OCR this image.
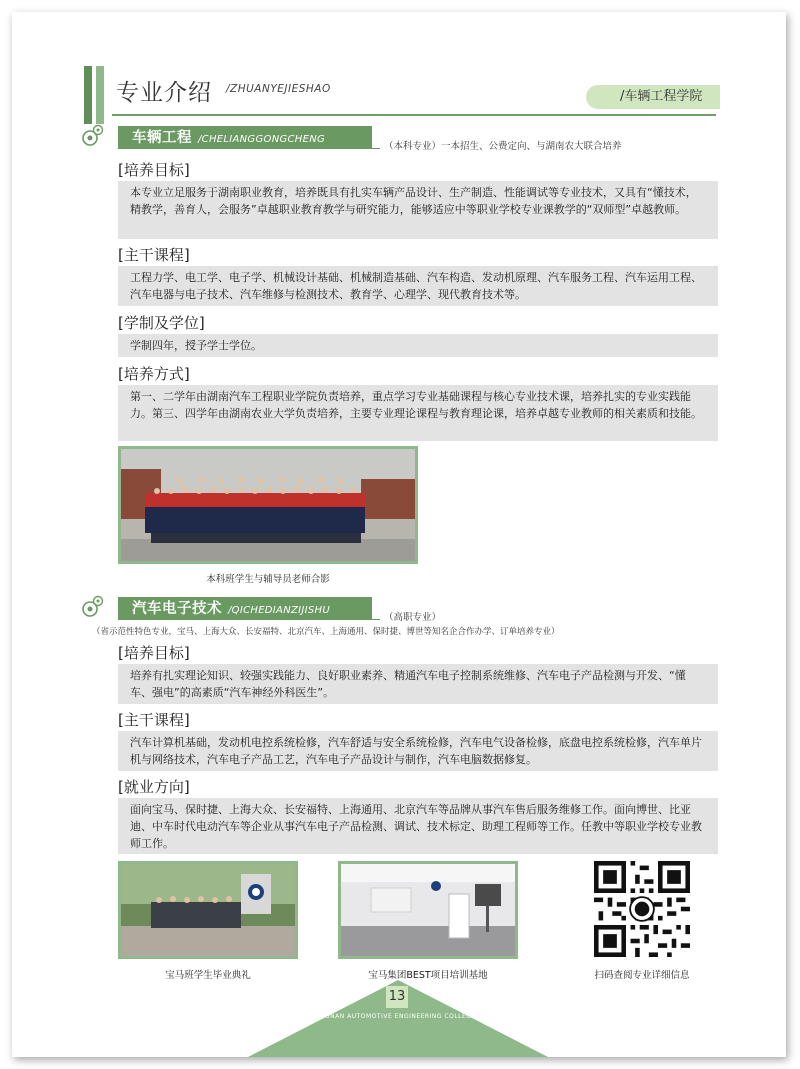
专业介绍 /ZHUANYEJIESHAO	/车辆工程学院
车辆工程 /CHELIANGGONGCHENG
（本科专业）一本招生、公费定向、与湖南农大联合培养
[培养目标]
本专业立足服务于湖南职业教育，培养既具有扎实车辆产品设计、生产制造、性能调试等专业技术，又具有“懂技术，精教学，善育人，会服务”卓越职业教育教学与研究能力，能够适应中等职业学校专业课教学的“双师型”卓越教师。
[主干课程]
工程力学、电工学、电子学、机械设计基础、机械制造基础、汽车构造、发动机原理、汽车服务工程、汽车运用工程、汽车电器与电子技术、汽车维修与检测技术、教育学、心理学、现代教育技术等。
[学制及学位]
学制四年，授予学士学位。
[培养方式]
第一、二学年由湖南汽车工程职业学院负责培养，重点学习专业基础课程与核心专业技术课，培养扎实的专业实践能力。第三、四学年由湖南农业大学负责培养，主要专业理论课程与教育理论课，培养卓越专业教师的相关素质和技能。
本科班学生与辅导员老师合影
汽车电子技术 /QICHEDIANZIJISHU
（高职专业）
（省示范性特色专业，宝马、上海大众、长安福特、北京汽车、上海通用、保时捷、博世等知名企合作办学、订单培养专业）
[培养目标]
培养有扎实理论知识、较强实践能力、良好职业素养、精通汽车电子控制系统维修、汽车电子产品检测与开发、“懂车、强电”的高素质“汽车神经外科医生”。
[主干课程]
汽车计算机基础，发动机电控系统检修，汽车舒适与安全系统检修，汽车电气设备检修，底盘电控系统检修，汽车单片机与网络技术，汽车电子产品工艺，汽车电子产品设计与制作，汽车电脑数据修复。
[就业方向]
面向宝马、保时捷、上海大众、长安福特、上海通用、北京汽车等品牌从事汽车售后服务维修工作。面向博世、比亚迪、中车时代电动汽车等企业从事汽车电子产品检测、调试、技术标定、助理工程师等工作。任教中等职业学校专业教师工作。
宝马班学生毕业典礼	宝马集团BEST项目培训基地	扫码查阅专业详细信息
13
HUNAN AUTOMOTIVE ENGINEERING COLLEGE
